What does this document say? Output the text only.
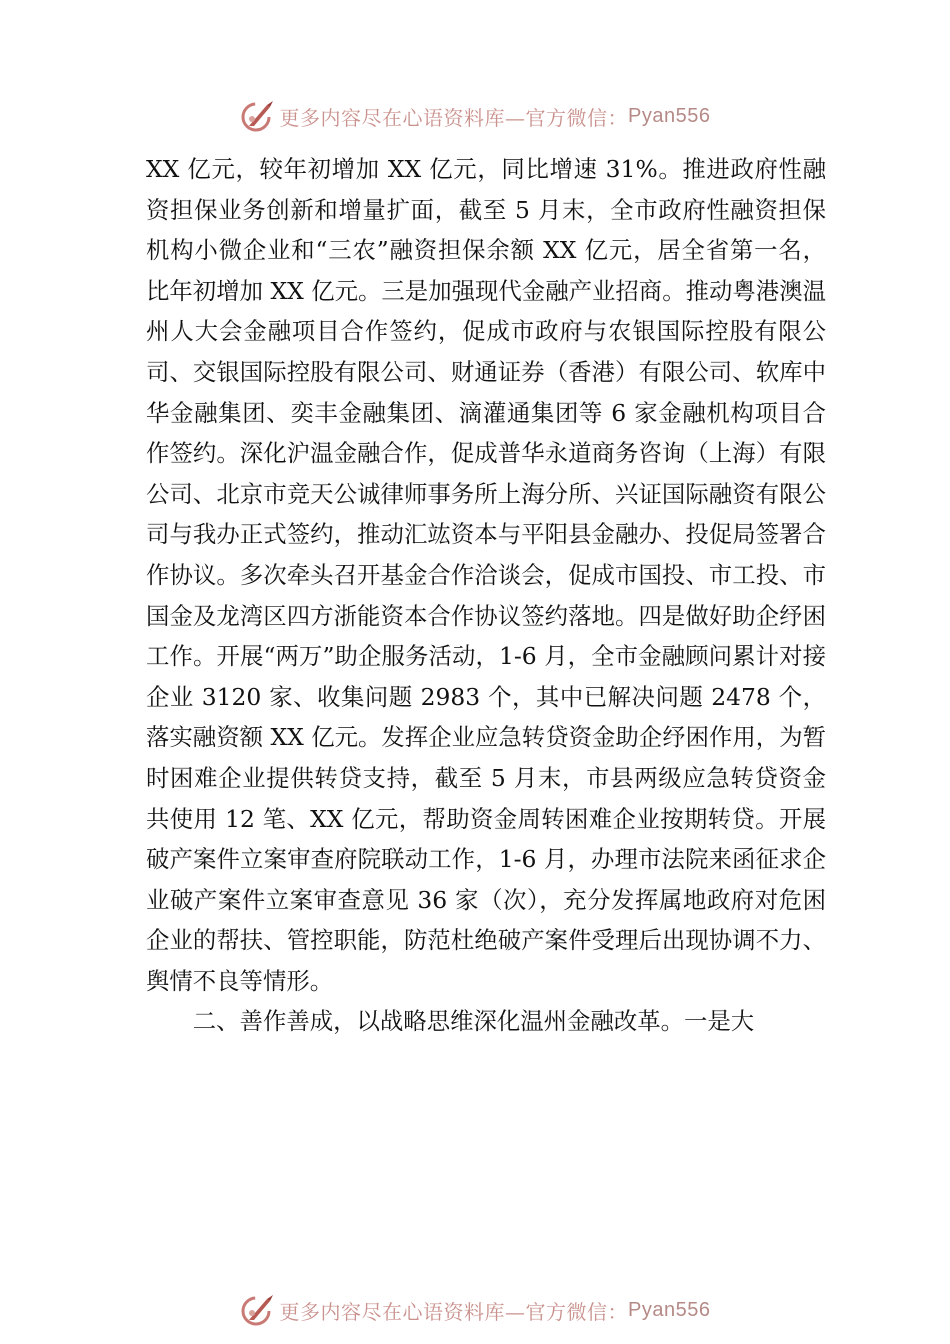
更多内容尽在心语资料库—官方微信： Pyan556

XX 亿元，较年初增加 XX 亿元，同比增速 31%。推进政府性融资担保业务创新和增量扩面，截至 5 月末，全市政府性融资担保机构小微企业和“三农”融资担保余额 XX 亿元，居全省第一名，比年初增加 XX 亿元。三是加强现代金融产业招商。推动粤港澳温州人大会金融项目合作签约，促成市政府与农银国际控股有限公司、交银国际控股有限公司、财通证券（香港）有限公司、软库中华金融集团、奕丰金融集团、滴灌通集团等 6 家金融机构项目合作签约。深化沪温金融合作，促成普华永道商务咨询（上海）有限公司、北京市竞天公诚律师事务所上海分所、兴证国际融资有限公司与我办正式签约，推动汇竑资本与平阳县金融办、投促局签署合作协议。多次牵头召开基金合作洽谈会，促成市国投、市工投、市国金及龙湾区四方浙能资本合作协议签约落地。四是做好助企纾困工作。开展“两万”助企服务活动，1-6 月，全市金融顾问累计对接企业 3120 家、收集问题 2983 个，其中已解决问题 2478 个，落实融资额 XX 亿元。发挥企业应急转贷资金助企纾困作用，为暂时困难企业提供转贷支持，截至 5 月末，市县两级应急转贷资金共使用 12 笔、XX 亿元，帮助资金周转困难企业按期转贷。开展破产案件立案审查府院联动工作，1-6 月，办理市法院来函征求企业破产案件立案审查意见 36 家（次），充分发挥属地政府对危困企业的帮扶、管控职能，防范杜绝破产案件受理后出现协调不力、舆情不良等情形。

二、善作善成，以战略思维深化温州金融改革。一是大

更多内容尽在心语资料库—官方微信： Pyan556
